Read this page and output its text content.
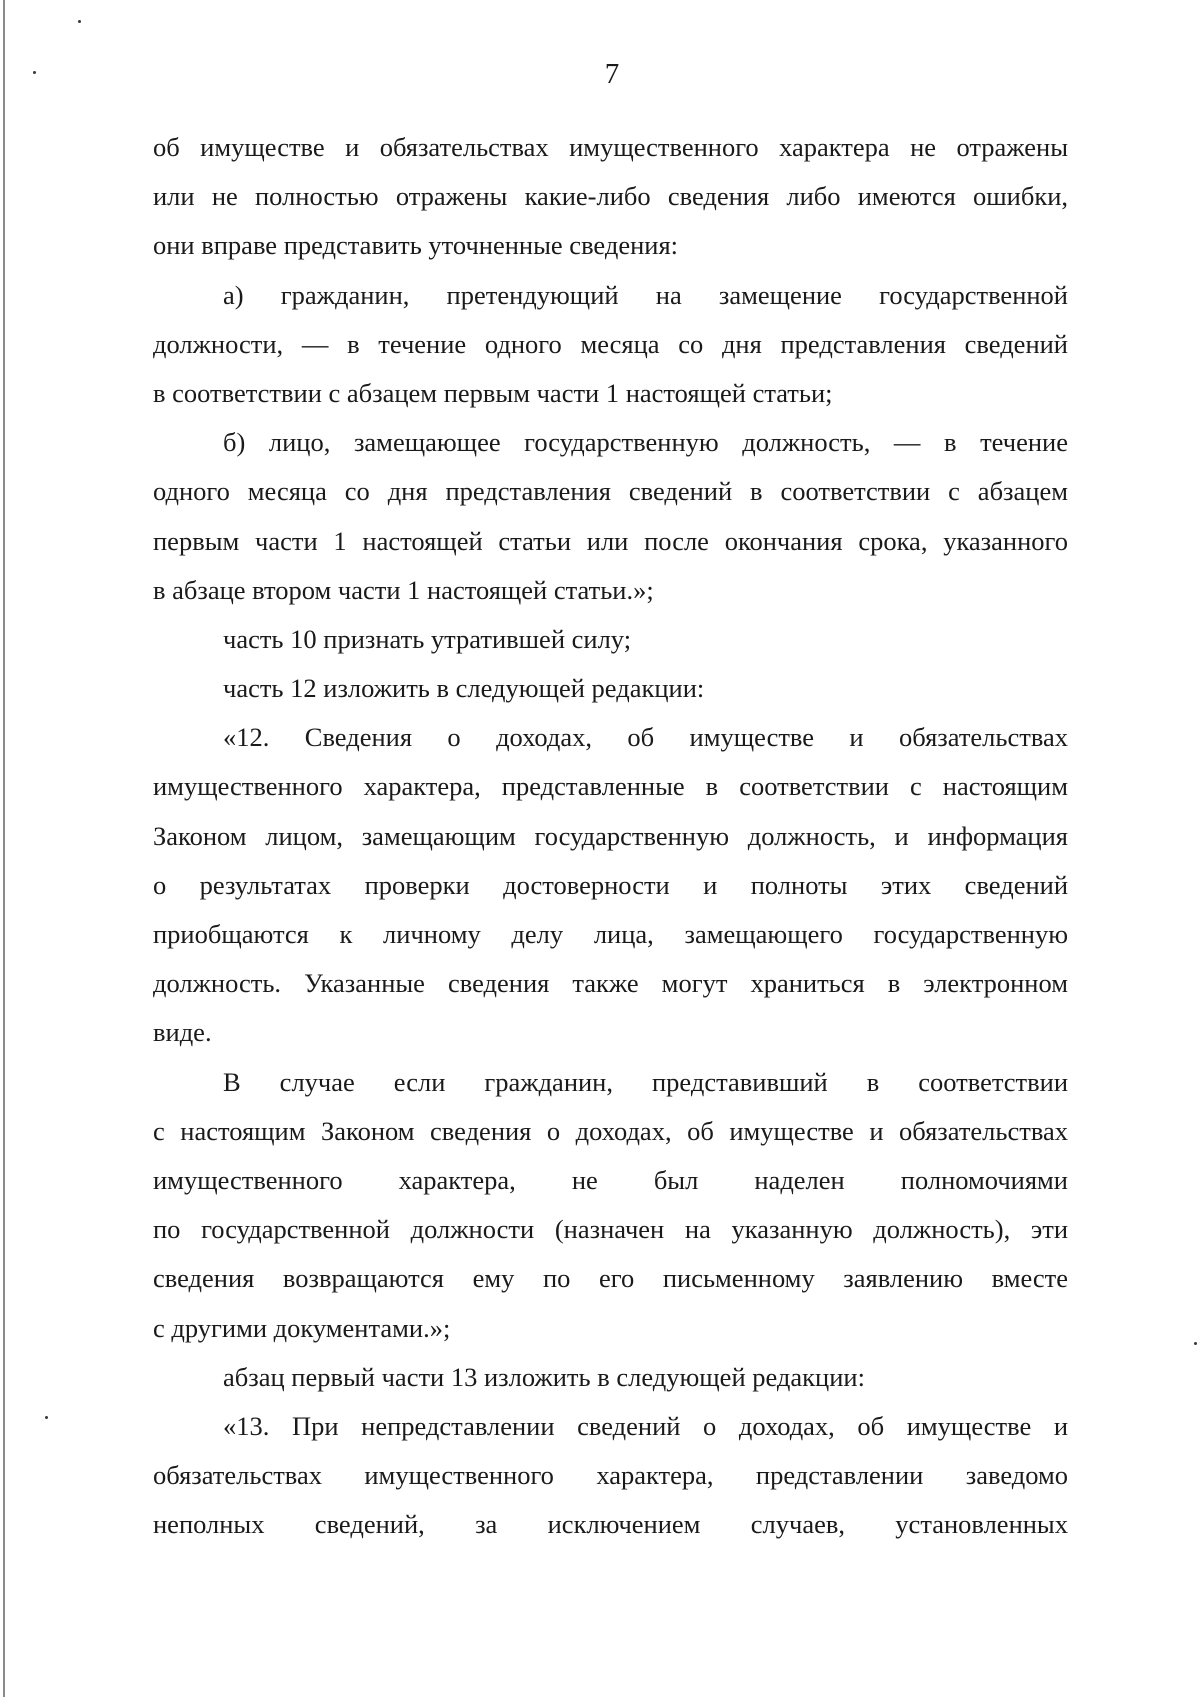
7
об имуществе и обязательствах имущественного характера не отражены
или не полностью отражены какие-либо сведения либо имеются ошибки,
они вправе представить уточненные сведения:
а) гражданин, претендующий на замещение государственной
должности, — в течение одного месяца со дня представления сведений
в соответствии с абзацем первым части 1 настоящей статьи;
б) лицо, замещающее государственную должность, — в течение
одного месяца со дня представления сведений в соответствии с абзацем
первым части 1 настоящей статьи или после окончания срока, указанного
в абзаце втором части 1 настоящей статьи.»;
часть 10 признать утратившей силу;
часть 12 изложить в следующей редакции:
«12. Сведения о доходах, об имуществе и обязательствах
имущественного характера, представленные в соответствии с настоящим
Законом лицом, замещающим государственную должность, и информация
о результатах проверки достоверности и полноты этих сведений
приобщаются к личному делу лица, замещающего государственную
должность. Указанные сведения также могут храниться в электронном
виде.
В случае если гражданин, представивший в соответствии
с настоящим Законом сведения о доходах, об имуществе и обязательствах
имущественного характера, не был наделен полномочиями
по государственной должности (назначен на указанную должность), эти
сведения возвращаются ему по его письменному заявлению вместе
с другими документами.»;
абзац первый части 13 изложить в следующей редакции:
«13. При непредставлении сведений о доходах, об имуществе и
обязательствах имущественного характера, представлении заведомо
неполных сведений, за исключением случаев, установленных
